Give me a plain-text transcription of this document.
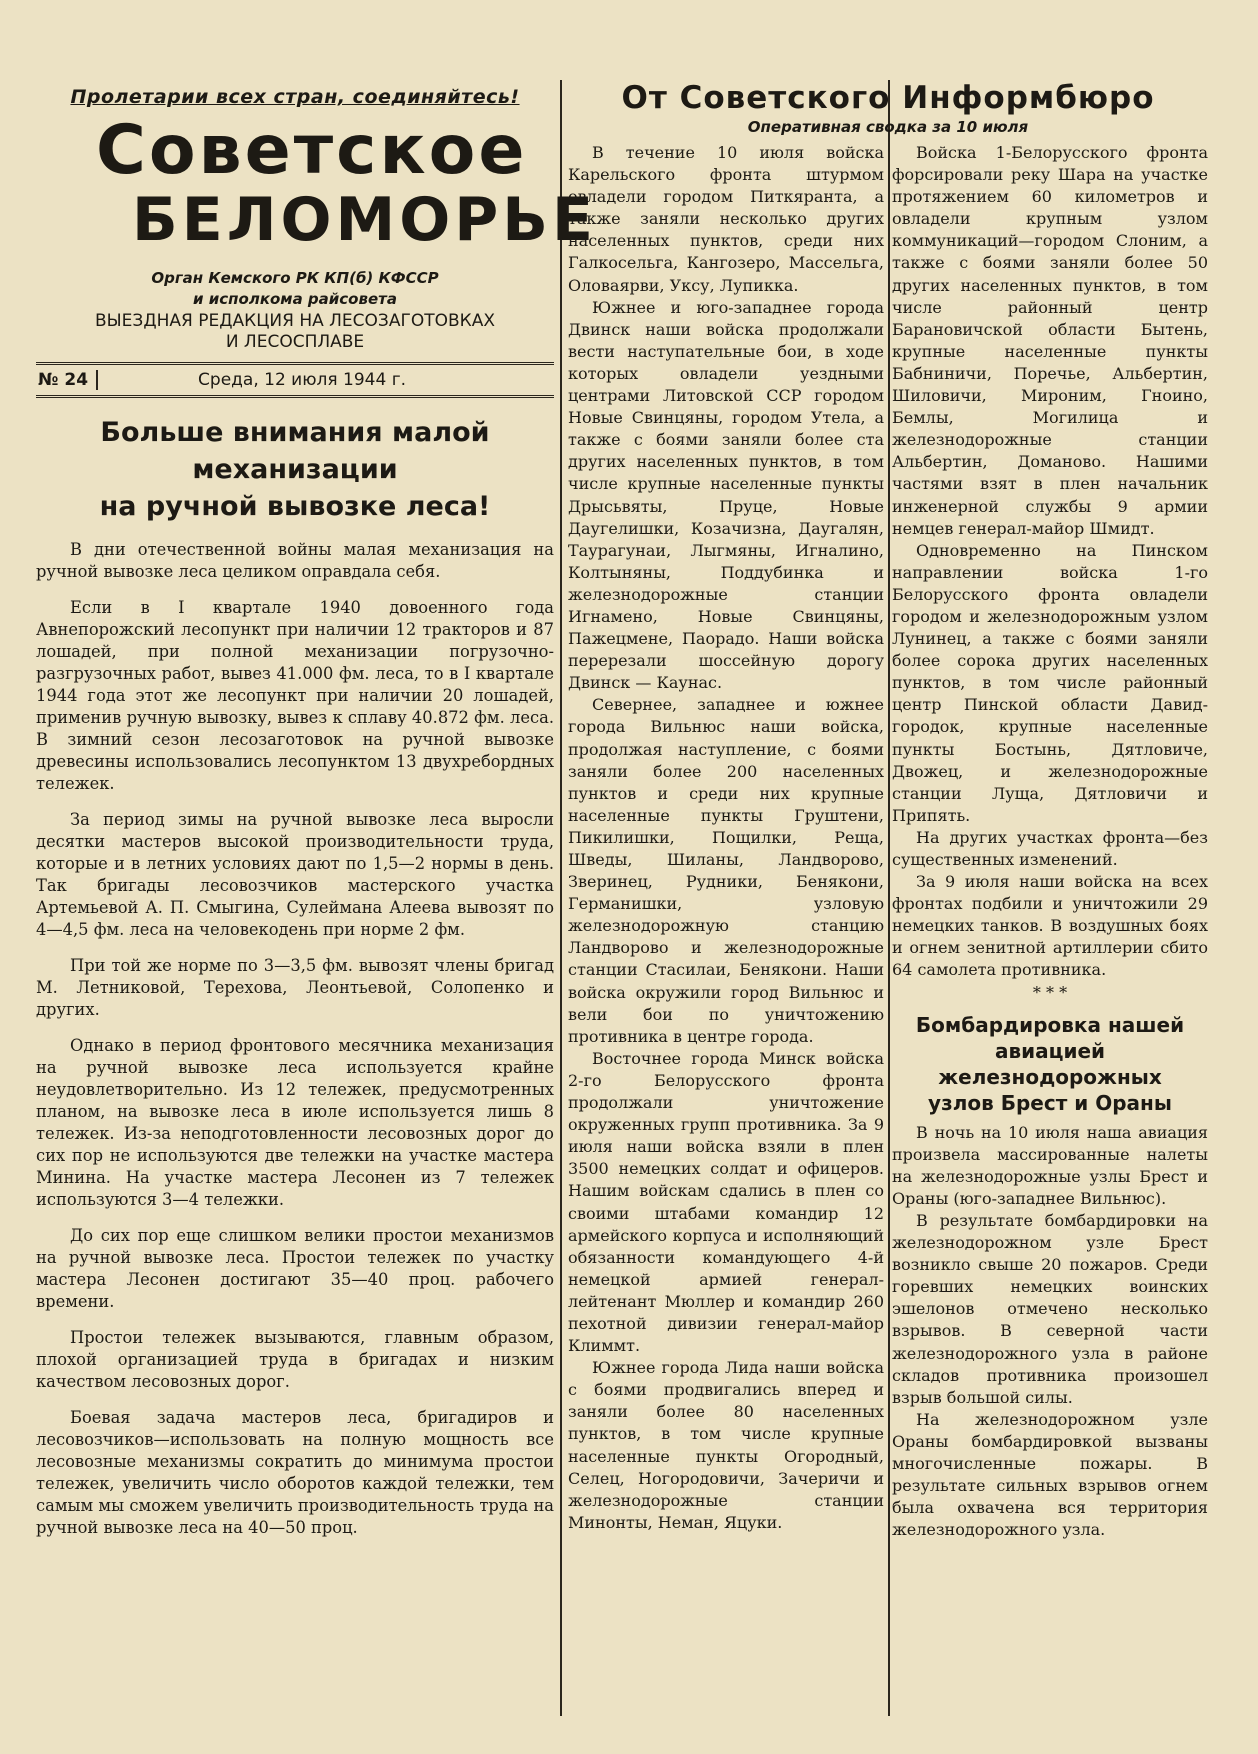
Пролетарии всех стран, соединяйтесь!
Советское
БЕЛОМОРЬЕ
Орган Кемского РК КП(б) КФССР
и исполкома райсовета
ВЫЕЗДНАЯ РЕДАКЦИЯ НА ЛЕСОЗАГОТОВКАХ
И ЛЕСОСПЛАВЕ
№ 24	Среда, 12 июля 1944 г.
Больше внимания малой
механизации
на ручной вывозке леса!

В дни отечественной войны малая механизация на ручной вывозке леса целиком оправдала себя.

Если в I квартале 1940 довоенного года Авнепорожский лесопункт при наличии 12 тракторов и 87 лошадей, при полной механизации погрузочно-разгрузочных работ, вывез 41.000 фм. леса, то в I квартале 1944 года этот же лесопункт при наличии 20 лошадей, применив ручную вывозку, вывез к сплаву 40.872 фм. леса. В зимний сезон лесозаготовок на ручной вывозке древесины использовались лесопунктом 13 двухребордных тележек.

За период зимы на ручной вывозке леса выросли десятки мастеров высокой производительности труда, которые и в летних условиях дают по 1,5—2 нормы в день. Так бригады лесовозчиков мастерского участка Артемьевой А. П. Смыгина, Сулеймана Алеева вывозят по 4—4,5 фм. леса на человекодень при норме 2 фм.

При той же норме по 3—3,5 фм. вывозят члены бригад М. Летниковой, Терехова, Леонтьевой, Солопенко и других.

Однако в период фронтового месячника механизация на ручной вывозке леса используется крайне неудовлетворительно. Из 12 тележек, предусмотренных планом, на вывозке леса в июле используется лишь 8 тележек. Из-за неподготовленности лесовозных дорог до сих пор не используются две тележки на участке мастера Минина. На участке мастера Лесонен из 7 тележек используются 3—4 тележки.

До сих пор еще слишком велики простои механизмов на ручной вывозке леса. Простои тележек по участку мастера Лесонен достигают 35—40 проц. рабочего времени.

Простои тележек вызываются, главным образом, плохой организацией труда в бригадах и низким качеством лесовозных дорог.

Боевая задача мастеров леса, бригадиров и лесовозчиков—использовать на полную мощность все лесовозные механизмы сократить до минимума простои тележек, увеличить число оборотов каждой тележки, тем самым мы сможем увеличить производительность труда на ручной вывозке леса на 40—50 проц.

От Советского Информбюро
Оперативная сводка за 10 июля

В течение 10 июля войска Карельского фронта штурмом овладели городом Питкяранта, а также заняли несколько других населенных пунктов, среди них Галкосельга, Кангозеро, Массельга, Оловаярви, Уксу, Лупикка.

Южнее и юго-западнее города Двинск наши войска продолжали вести наступательные бои, в ходе которых овладели уездными центрами Литовской ССР городом Новые Свинцяны, городом Утела, а также с боями заняли более ста других населенных пунктов, в том числе крупные населенные пункты Дрысьвяты, Пруце, Новые Даугелишки, Козачизна, Даугалян, Таурагунаи, Лыгмяны, Игналино, Колтыняны, Поддубинка и железнодорожные станции Игнамено, Новые Свинцяны, Пажецмене, Паорадо. Наши войска перерезали шоссейную дорогу Двинск — Каунас.

Севернее, западнее и южнее города Вильнюс наши войска, продолжая наступление, с боями заняли более 200 населенных пунктов и среди них крупные населенные пункты Груштени, Пикилишки, Пощилки, Реща, Шведы, Шиланы, Ландворово, Зверинец, Рудники, Бенякони, Германишки, узловую железнодорожную станцию Ландворово и железнодорожные станции Стасилаи, Бенякони. Наши войска окружили город Вильнюс и вели бои по уничтожению противника в центре города.

Восточнее города Минск войска 2-го Белорусского фронта продолжали уничтожение окруженных групп противника. За 9 июля наши войска взяли в плен 3500 немецких солдат и офицеров. Нашим войскам сдались в плен со своими штабами командир 12 армейского корпуса и исполняющий обязанности командующего 4-й немецкой армией генерал-лейтенант Мюллер и командир 260 пехотной дивизии генерал-майор Климмт.

Южнее города Лида наши войска с боями продвигались вперед и заняли более 80 населенных пунктов, в том числе крупные населенные пункты Огородный, Селец, Ногородовичи, Зачеричи и железнодорожные станции Минонты, Неман, Яцуки.

Войска 1-Белорусского фронта форсировали реку Шара на участке протяжением 60 километров и овладели крупным узлом коммуникаций—городом Слоним, а также с боями заняли более 50 других населенных пунктов, в том числе районный центр Барановичской области Бытень, крупные населенные пункты Бабниничи, Поречье, Альбертин, Шиловичи, Мироним, Гноино, Бемлы, Могилица и железнодорожные станции Альбертин, Доманово. Нашими частями взят в плен начальник инженерной службы 9 армии немцев генерал-майор Шмидт.

Одновременно на Пинском направлении войска 1-го Белорусского фронта овладели городом и железнодорожным узлом Лунинец, а также с боями заняли более сорока других населенных пунктов, в том числе районный центр Пинской области Давид-городок, крупные населенные пункты Бостынь, Дятловиче, Двожец, и железнодорожные станции Луща, Дятловичи и Припять.

На других участках фронта—без существенных изменений.

За 9 июля наши войска на всех фронтах подбили и уничтожили 29 немецких танков. В воздушных боях и огнем зенитной артиллерии сбито 64 самолета противника.

* * *
Бомбардировка нашей
авиацией железнодорожных
узлов Брест и Ораны

В ночь на 10 июля наша авиация произвела массированные налеты на железнодорожные узлы Брест и Ораны (юго-западнее Вильнюс).

В результате бомбардировки на железнодорожном узле Брест возникло свыше 20 пожаров. Среди горевших немецких воинских эшелонов отмечено несколько взрывов. В северной части железнодорожного узла в районе складов противника произошел взрыв большой силы.

На железнодорожном узле Ораны бомбардировкой вызваны многочисленные пожары. В результате сильных взрывов огнем была охвачена вся территория железнодорожного узла.
